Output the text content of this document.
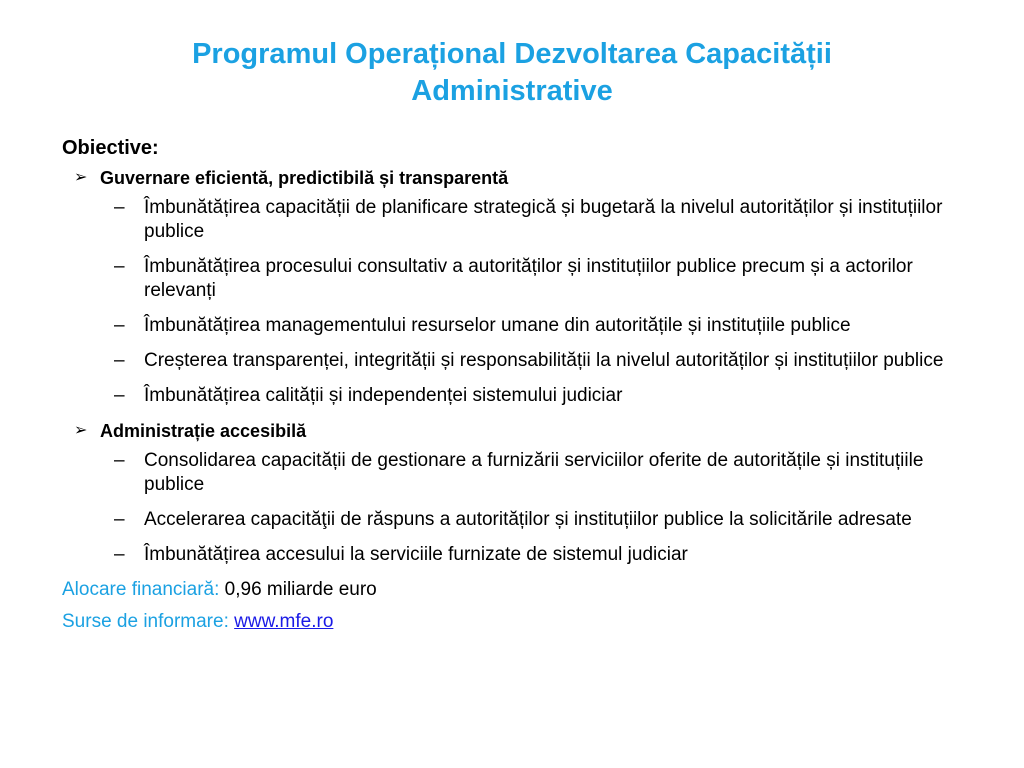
Programul Operațional Dezvoltarea Capacității Administrative
Obiective:
➢ Guvernare eficientă, predictibilă și transparentă
– Îmbunătățirea capacității de planificare strategică și bugetară la nivelul autorităților și instituțiilor publice
– Îmbunătățirea procesului consultativ a autorităților și instituțiilor publice precum și a actorilor relevanți
– Îmbunătățirea managementului resurselor umane din autoritățile și instituțiile publice
– Creșterea transparenței, integrității și responsabilității la nivelul autorităților și instituțiilor publice
– Îmbunătățirea calității și independenței sistemului judiciar
➢ Administrație accesibilă
– Consolidarea capacității de gestionare a furnizării serviciilor oferite de autoritățile și instituțiile publice
– Accelerarea capacităţii de răspuns a autorităților și instituțiilor publice la solicitările adresate
– Îmbunătățirea accesului la serviciile furnizate de sistemul judiciar
Alocare financiară: 0,96 miliarde euro
Surse de informare: www.mfe.ro
